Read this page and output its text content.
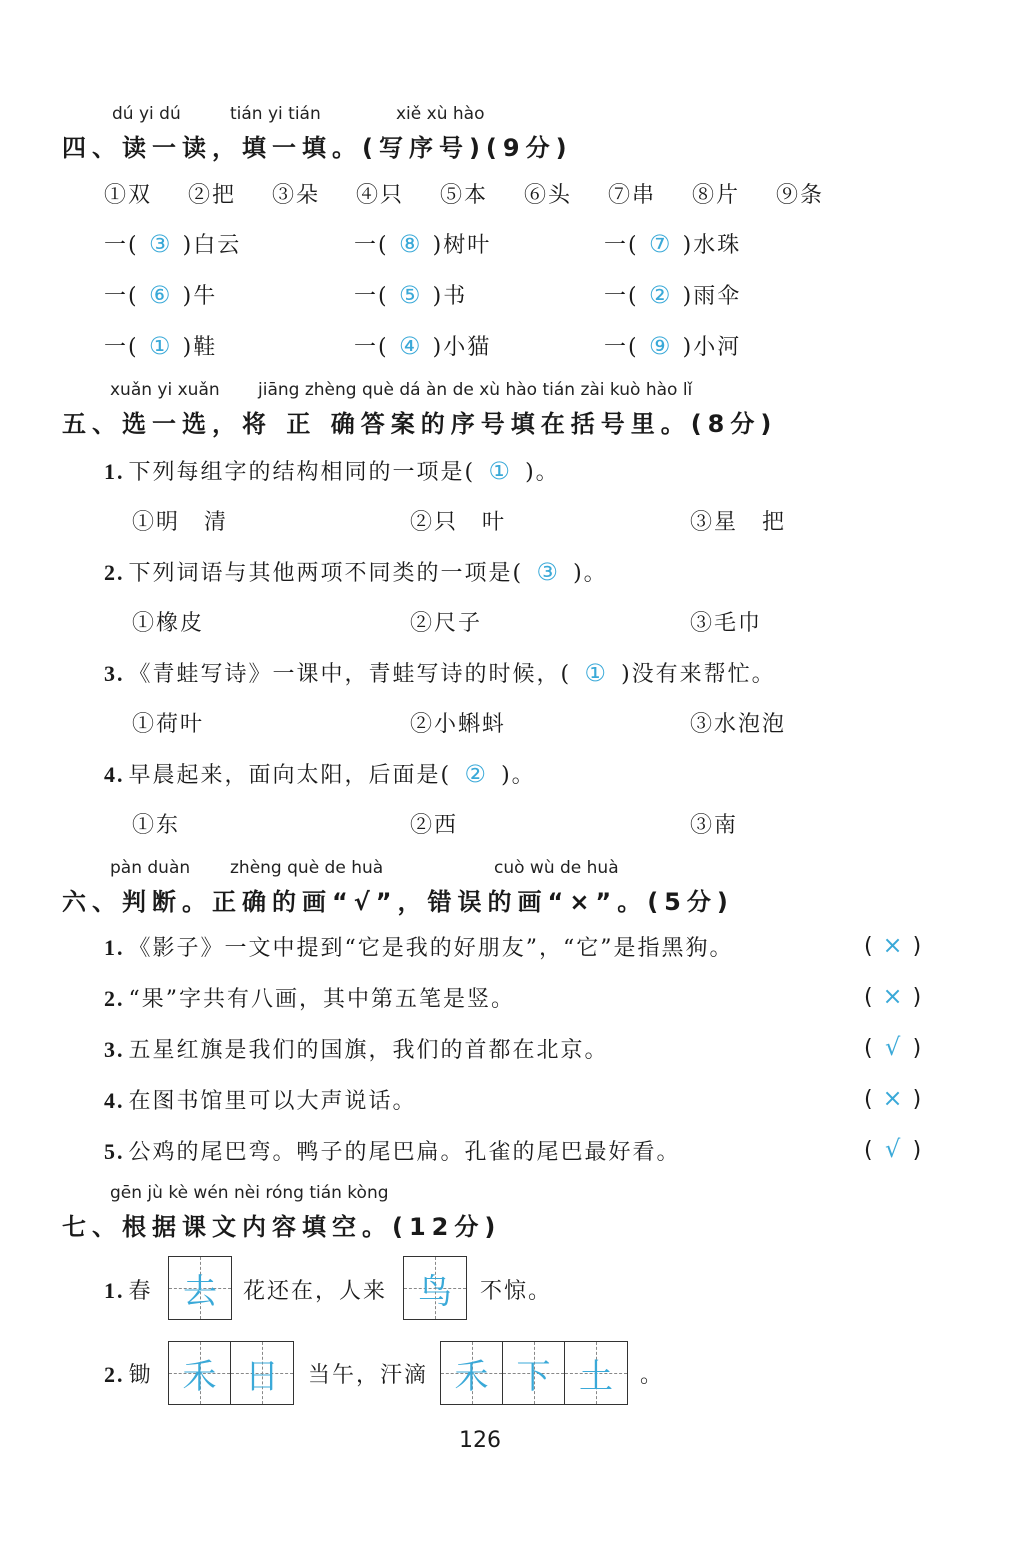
dú yi dú	tián yi tián	xiě xù hào
四、读一读，填一填。(写序号)(9分)
①双 ②把 ③朵 ④只 ⑤本 ⑥头 ⑦串 ⑧片 ⑨条
一( ③ )白云	一( ⑧ )树叶	一( ⑦ )水珠
一( ⑥ )牛	一( ⑤ )书	一( ② )雨伞
一( ① )鞋	一( ④ )小猫	一( ⑨ )小河
xuǎn yi xuǎn jiāng zhèng què dá àn de xù hào tián zài kuò hào lǐ
五、选一选，将 正 确答案的序号填在括号里。(8分)
1. 下列每组字的结构相同的一项是( ① )。
①明　清	②只　叶	③星　把
2. 下列词语与其他两项不同类的一项是( ③ )。
①橡皮	②尺子	③毛巾
3. 《青蛙写诗》一课中，青蛙写诗的时候，( ① )没有来帮忙。
①荷叶	②小蝌蚪	③水泡泡
4. 早晨起来，面向太阳，后面是( ② )。
①东	②西	③南
pàn duàn zhèng què de huà	cuò wù de huà
六、判断。正确的画“√”，错误的画“×”。(5分)
1. 《影子》一文中提到“它是我的好朋友”，“它”是指黑狗。	( × )
2. “果”字共有八画，其中第五笔是竖。	( × )
3. 五星红旗是我们的国旗，我们的首都在北京。	( √ )
4. 在图书馆里可以大声说话。	( × )
5. 公鸡的尾巴弯。鸭子的尾巴扁。孔雀的尾巴最好看。	( √ )
gēn jù kè wén nèi róng tián kòng
七、根据课文内容填空。(12分)
1. 春 去	花还在，人来 鸟	不惊。
2. 锄 禾 日	当午，汗滴 禾 下 土	。
126
